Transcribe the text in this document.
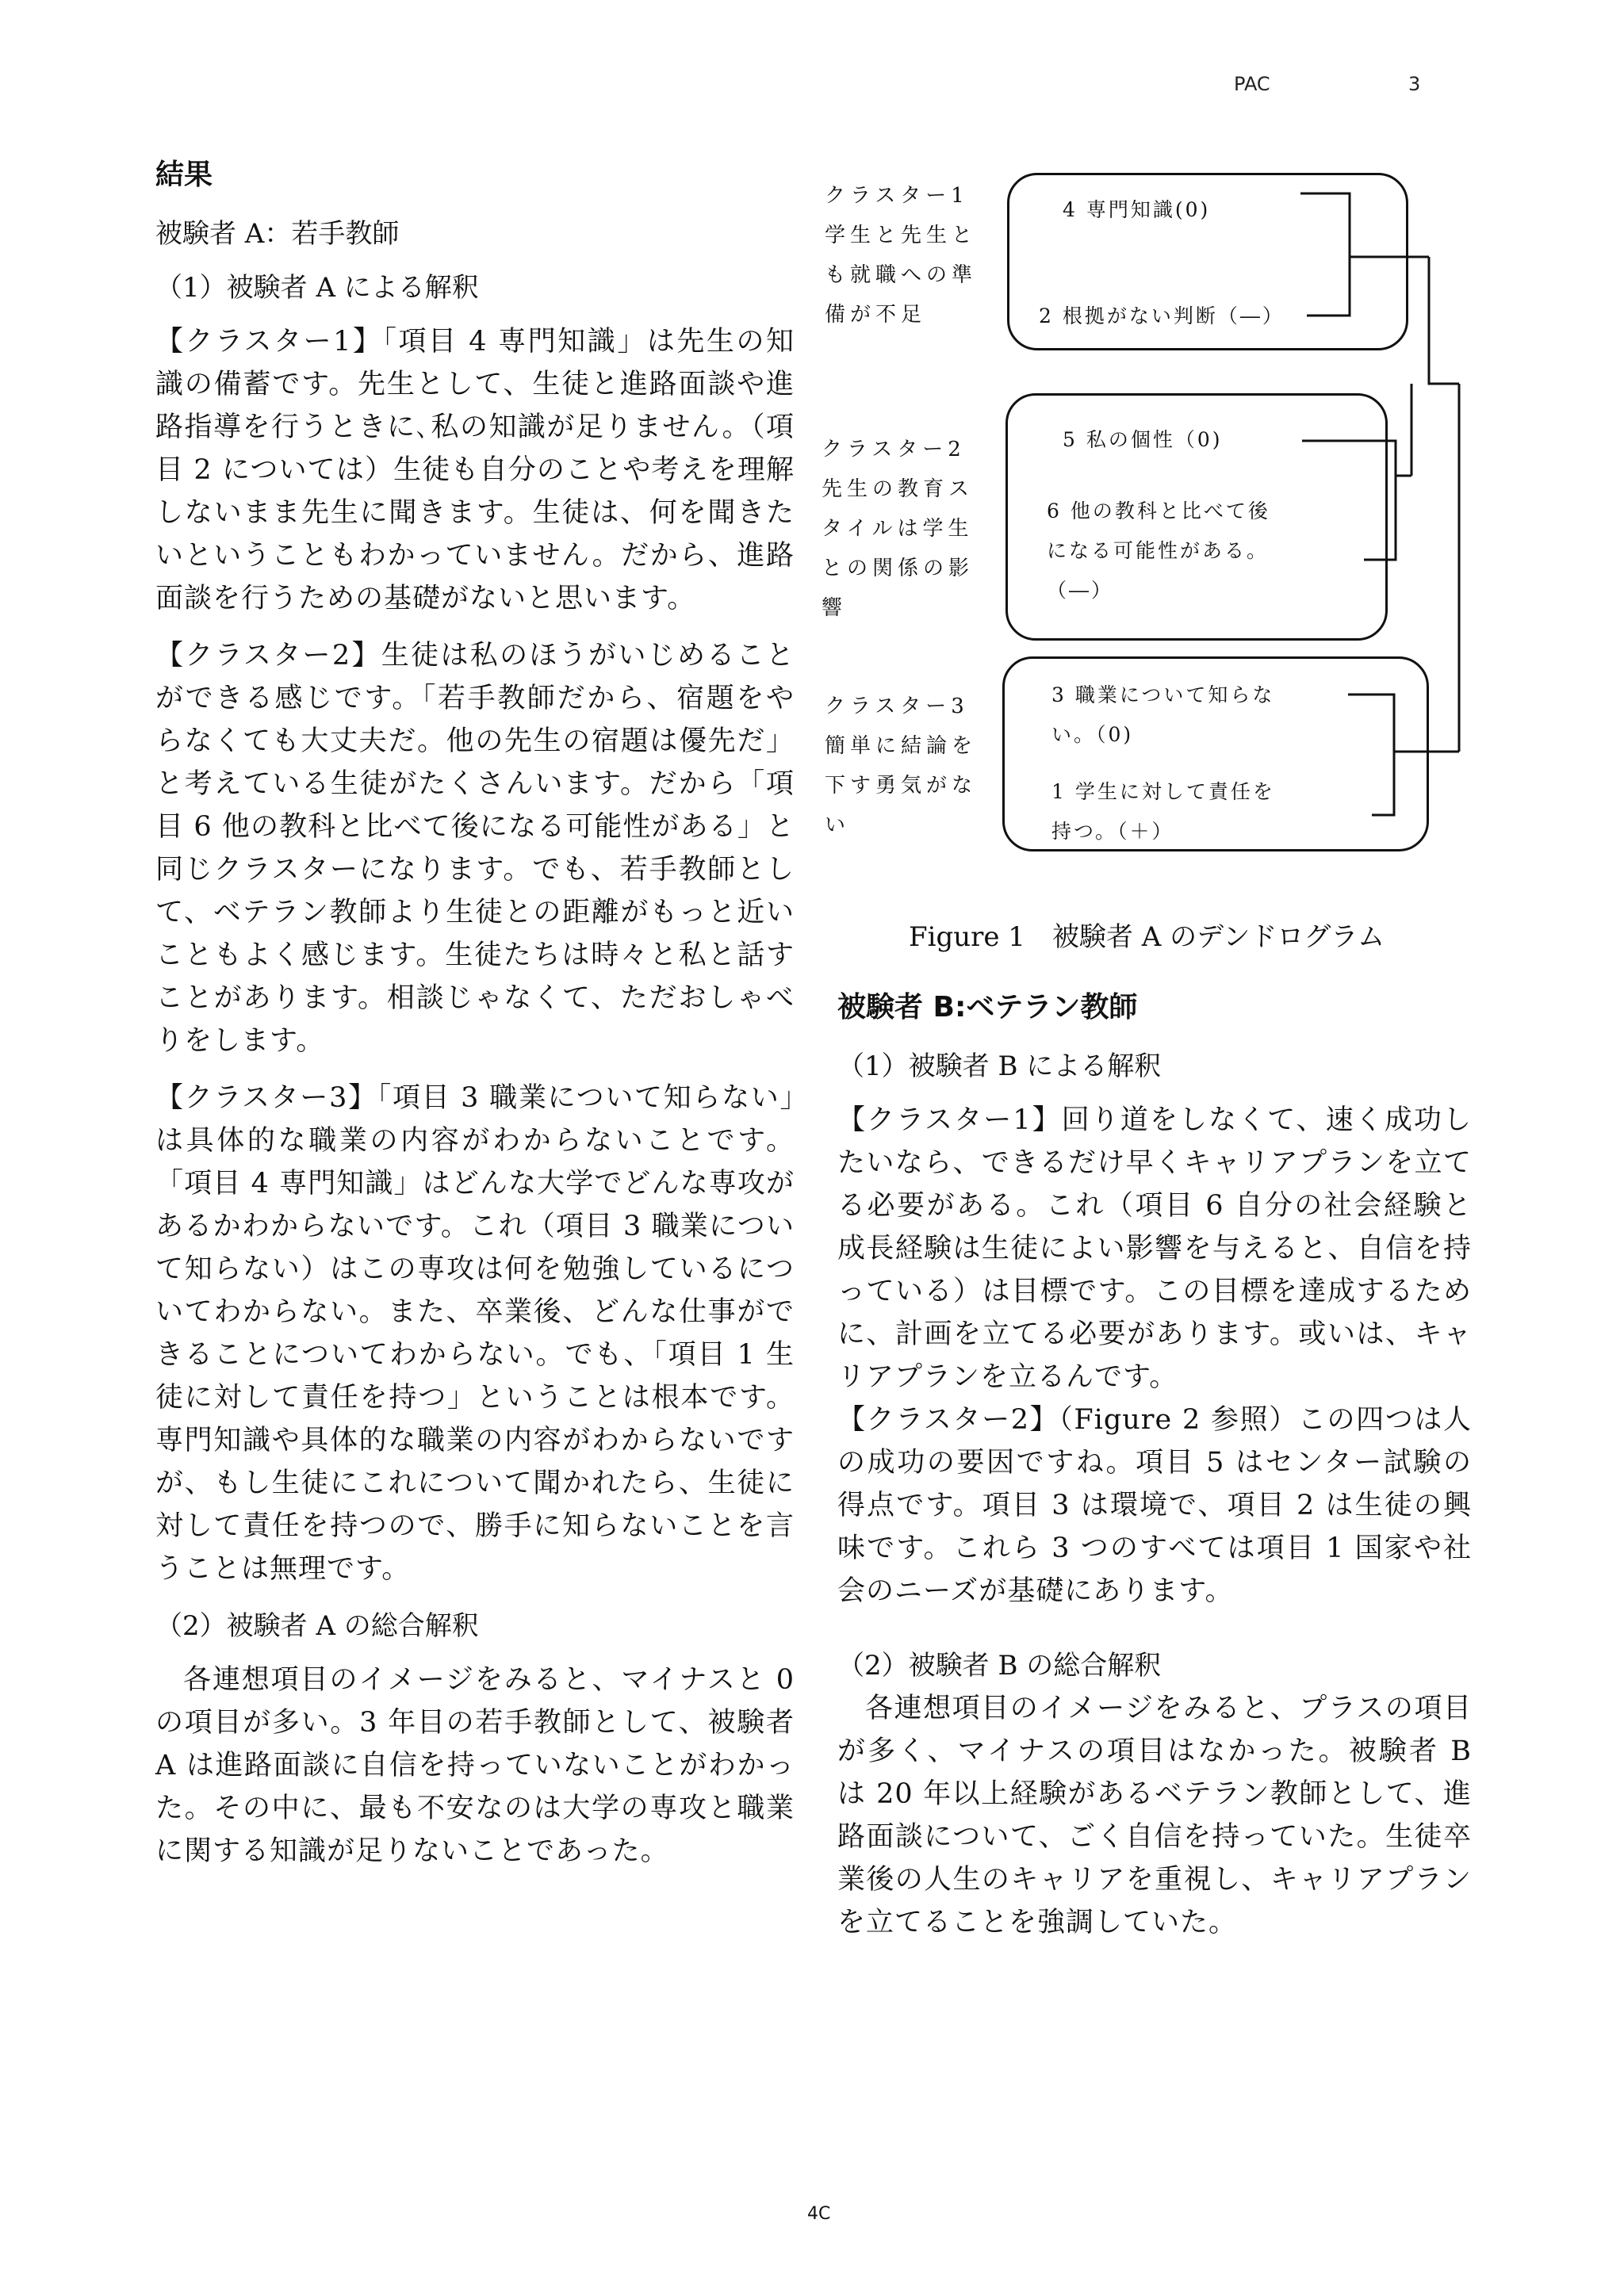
PAC	3
結果
被験者 A：若手教師
（1）被験者 A による解釈
【クラスター1】「項目 4 専門知識」は先生の知識の備蓄です。先生として、生徒と進路面談や進路指導を行うときに､私の知識が足りません。（項目 2 については）生徒も自分のことや考えを理解しないまま先生に聞きます。生徒は、何を聞きたいということもわかっていません。だから、進路面談を行うための基礎がないと思います。
【クラスター2】生徒は私のほうがいじめることができる感じです。「若手教師だから、宿題をやらなくても大丈夫だ。他の先生の宿題は優先だ」と考えている生徒がたくさんいます。だから「項目 6 他の教科と比べて後になる可能性がある」と同じクラスターになります。でも、若手教師として、ベテラン教師より生徒との距離がもっと近いこともよく感じます。生徒たちは時々と私と話すことがあります。相談じゃなくて、ただおしゃべりをします。
【クラスター3】｢項目 3 職業について知らない｣は具体的な職業の内容がわからないことです。「項目 4 専門知識」はどんな大学でどんな専攻があるかわからないです。これ（項目 3 職業について知らない）はこの専攻は何を勉強しているについてわからない。また、卒業後、どんな仕事ができることについてわからない。でも、「項目 1 生徒に対して責任を持つ」ということは根本です。専門知識や具体的な職業の内容がわからないですが、もし生徒にこれについて聞かれたら、生徒に対して責任を持つので、勝手に知らないことを言うことは無理です。
（2）被験者 A の総合解釈
各連想項目のイメージをみると、マイナスと 0 の項目が多い。3 年目の若手教師として、被験者 A は進路面談に自信を持っていないことがわかった。その中に、最も不安なのは大学の専攻と職業に関する知識が足りないことであった。
クラスター1
学生と先生とも就職への準備が不足
クラスター2
先生の教育スタイルは学生との関係の影響
クラスター3
簡単に結論を下す勇気がない
4 専門知識(0)
2 根拠がない判断（―）
5 私の個性（0)
6 他の教科と比べて後になる可能性がある。（―）
3 職業について知らない。（0)
1 学生に対して責任を持つ。（＋）
Figure 1　被験者 A のデンドログラム
被験者 B:ベテラン教師
（1）被験者 B による解釈
【クラスター1】回り道をしなくて、速く成功したいなら、できるだけ早くキャリアプランを立てる必要がある。これ（項目 6 自分の社会経験と成長経験は生徒によい影響を与えると、自信を持っている）は目標です。この目標を達成するために、計画を立てる必要があります。或いは、キャリアプランを立るんです。
【クラスター2】（Figure 2 参照）この四つは人の成功の要因ですね。項目 5 はセンター試験の得点です。項目 3 は環境で、項目 2 は生徒の興味です。これら 3 つのすべては項目 1 国家や社会のニーズが基礎にあります。
（2）被験者 B の総合解釈
各連想項目のイメージをみると、プラスの項目が多く、マイナスの項目はなかった。被験者 B は 20 年以上経験があるベテラン教師として、進路面談について、ごく自信を持っていた。生徒卒業後の人生のキャリアを重視し、キャリアプランを立てることを強調していた。
4C
